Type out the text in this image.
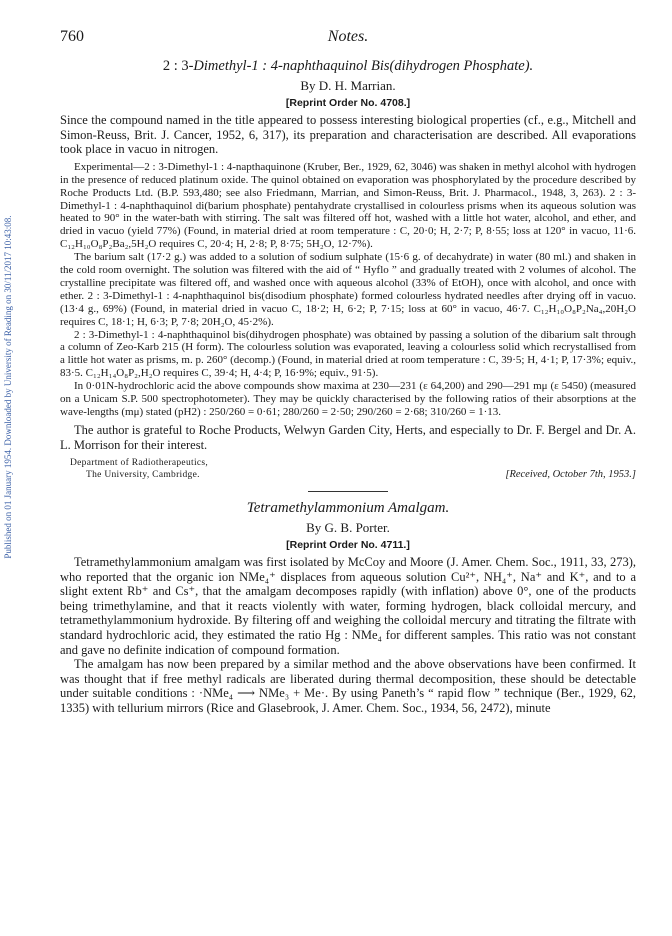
Published on 01 January 1954. Downloaded by University of Reading on 30/11/2017 10:43:08.
760	Notes.
2 : 3-Dimethyl-1 : 4-naphthaquinol Bis(dihydrogen Phosphate).
By D. H. Marrian.
[Reprint Order No. 4708.]

Since the compound named in the title appeared to possess interesting biological properties (cf., e.g., Mitchell and Simon-Reuss, Brit. J. Cancer, 1952, 6, 317), its preparation and characterisation are described. All evaporations took place in vacuo in nitrogen.

Experimental—2 : 3-Dimethyl-1 : 4-napthaquinone (Kruber, Ber., 1929, 62, 3046) was shaken in methyl alcohol with hydrogen in the presence of reduced platinum oxide. The quinol obtained on evaporation was phosphorylated by the procedure described by Roche Products Ltd. (B.P. 593,480; see also Friedmann, Marrian, and Simon-Reuss, Brit. J. Pharmacol., 1948, 3, 263). 2 : 3-Dimethyl-1 : 4-naphthaquinol di(barium phosphate) pentahydrate crystallised in colourless prisms when its aqueous solution was heated to 90° in the water-bath with stirring. The salt was filtered off hot, washed with a little hot water, alcohol, and ether, and dried in vacuo (yield 77%) (Found, in material dried at room temperature : C, 20·0; H, 2·7; P, 8·55; loss at 120° in vacuo, 11·6. C₁₂H₁₀O₈P₂Ba₂,5H₂O requires C, 20·4; H, 2·8; P, 8·75; 5H₂O, 12·7%).

The barium salt (17·2 g.) was added to a solution of sodium sulphate (15·6 g. of decahydrate) in water (80 ml.) and shaken in the cold room overnight. The solution was filtered with the aid of “ Hyflo ” and gradually treated with 2 volumes of alcohol. The crystalline precipitate was filtered off, and washed once with aqueous alcohol (33% of EtOH), once with alcohol, and once with ether. 2 : 3-Dimethyl-1 : 4-naphthaquinol bis(disodium phosphate) formed colourless hydrated needles after drying off in vacuo. (13·4 g., 69%) (Found, in material dried in vacuo C, 18·2; H, 6·2; P, 7·15; loss at 60° in vacuo, 46·7. C₁₂H₁₀O₈P₂Na₄,20H₂O requires C, 18·1; H, 6·3; P, 7·8; 20H₂O, 45·2%).

2 : 3-Dimethyl-1 : 4-naphthaquinol bis(dihydrogen phosphate) was obtained by passing a solution of the dibarium salt through a column of Zeo-Karb 215 (H form). The colourless solution was evaporated, leaving a colourless solid which recrystallised from a little hot water as prisms, m. p. 260° (decomp.) (Found, in material dried at room temperature : C, 39·5; H, 4·1; P, 17·3%; equiv., 83·5. C₁₂H₁₄O₈P₂,H₂O requires C, 39·4; H, 4·4; P, 16·9%; equiv., 91·5).

In 0·01N-hydrochloric acid the above compounds show maxima at 230—231 (ε 64,200) and 290—291 mμ (ε 5450) (measured on a Unicam S.P. 500 spectrophotometer). They may be quickly characterised by the following ratios of their absorptions at the wave-lengths (mμ) stated (pH2) : 250/260 = 0·61; 280/260 = 2·50; 290/260 = 2·68; 310/260 = 1·13.

The author is grateful to Roche Products, Welwyn Garden City, Herts, and especially to Dr. F. Bergel and Dr. A. L. Morrison for their interest.

Department of Radiotherapeutics,
The University, Cambridge.	[Received, October 7th, 1953.]
Tetramethylammonium Amalgam.
By G. B. Porter.
[Reprint Order No. 4711.]

Tetramethylammonium amalgam was first isolated by McCoy and Moore (J. Amer. Chem. Soc., 1911, 33, 273), who reported that the organic ion NMe₄⁺ displaces from aqueous solution Cu²⁺, NH₄⁺, Na⁺ and K⁺, and to a slight extent Rb⁺ and Cs⁺, that the amalgam decomposes rapidly (with inflation) above 0°, one of the products being trimethylamine, and that it reacts violently with water, forming hydrogen, black colloidal mercury, and tetramethylammonium hydroxide. By filtering off and weighing the colloidal mercury and titrating the filtrate with standard hydrochloric acid, they estimated the ratio Hg : NMe₄ for different samples. This ratio was not constant and gave no definite indication of compound formation.

The amalgam has now been prepared by a similar method and the above observations have been confirmed. It was thought that if free methyl radicals are liberated during thermal decomposition, these should be detectable under suitable conditions : ·NMe₄ ⟶ NMe₃ + Me·. By using Paneth’s “ rapid flow ” technique (Ber., 1929, 62, 1335) with tellurium mirrors (Rice and Glasebrook, J. Amer. Chem. Soc., 1934, 56, 2472), minute
